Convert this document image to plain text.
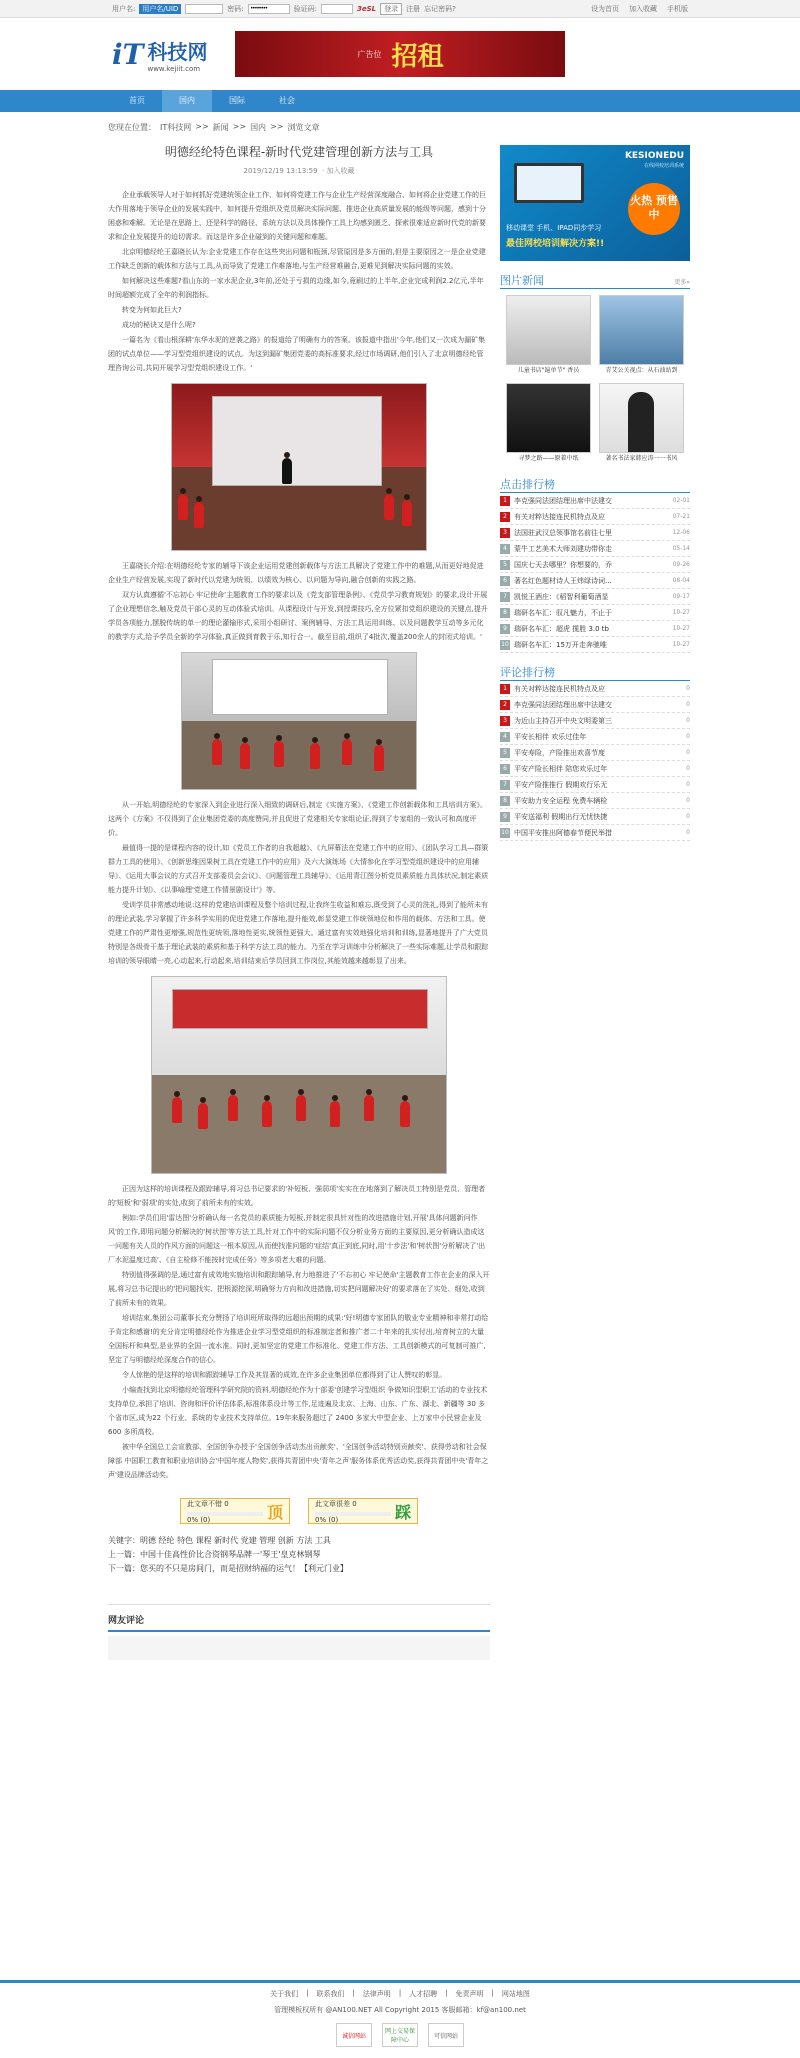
用户名:	用户名/UID	密码:
••••••••	验证码:	3eSL	登录	注册 忘记密码?	设为首页 加入收藏 手机版
iT 科技网
www.kejiit.com
广告位 招租
首页	国内	国际	社会
您现在位置： IT科技网 >> 新闻 >> 国内 >> 浏览文章
明德经纶特色课程-新时代党建管理创新方法与工具
2019/12/19 13:13:59  · 加入收藏

企业承载领导人对于如何抓好党建统领企业工作、如何将党建工作与企业生产经营深度融合、如何将企业党建工作的巨大作用落地于领导企业的发展实践中，如何提升党组织及党员解决实际问题、推进企业高质量发展的能级等问题，感到十分困惑和难解。无论是在思路上、还是科学的路径、系统方法以及具体操作工具上均感到匮乏、探索很难适应新时代党的新要求和企业发展提升的迫切需求。而这是许多企业碰到的关键问题和难题。

北京明德经纶王嘉晓长认为:企业党建工作存在这些突出问题和瓶颈,尽管原因是多方面的,但是主要原因之一是企业党建工作缺乏创新的载体和方法与工具,从而导致了党建工作难落地,与生产经营难融合,更难见到解决实际问题的实效。

如何解决这些难题?看山东的一家水泥企业,3年前,还处于亏损的边缘,如今,竟刷过的上半年,企业完成利润2.2亿元,半年时间超额完成了全年的利润指标。

转变为何如此巨大?

成功的秘诀又是什么呢?

一篇名为《看山根深耕'东华水泥的逆袭之路》的报道给了明确有力的答案。该报道中指出'今年,他们又一次成为漏矿集团的试点单位——学习型党组织建设的试点。为这到漏矿集团党委的高标准要求,经过市场调研,他们引入了北京明德经纶管理咨询公司,共同开展学习型党组织建设工作。'

王嘉晓长介绍:在明德经纶专家的辅导下该企业运用党建创新载体与方法工具解决了党建工作中的难题,从而更好地促进企业生产经营发展,实现了新时代以党建为统领、以绩效为核心、以问题为导向,融合创新的实践之路。

双方认真遵循'不忘初心 牢记使命'主题教育工作的要求以及《党支部管理条例》、《党员学习教育规划》的要求,设计开展了企业理想信念,触及党员干部心灵的互动体验式培训。从课程设计与开发,到授课技巧,全方位紧扣党组织建设的关键点,提升学员各项能力,摆脱传统的单一的理论灌输形式,采用小组研讨、案例辅导、方法工具运用训练、以及问题教学互动等多元化的教学方式,给予学员全新的学习体验,真正做到育教于乐,知行合一。截至目前,组织了4批次,覆盖200余人的封闭式培训。'

从一开始,明德经纶的专家深入到企业进行深入细致的调研后,制定《实施方案》、《党建工作创新载体和工具培训方案》。这两个《方案》不仅得到了企业集团党委的高度赞同,并且促进了党建相关专家组论证,得到了专家组的一致认可和高度评价。

最值得一提的是课程内容的设计,如《党员工作者的自我超越》、《九屏幕法在党建工作中的应用》、《团队学习工具—群策群力工具的使用》、《创新思维因果树工具在党建工作中的应用》及六大演练场《大情参化在学习型党组织建设中的应用辅导》、《运用大事会议的方式召开支部委员会会议》、《问题管理工具辅导》、《运用青江图分析党员素质能力具体状况,制定素质能力提升计划》、《以事喻理'党建工作情景剧设计'》等。

受训学员非常感动地说:这样的党建培训课程及整个培训过程,让我终生收益和难忘,既受到了心灵的洗礼,得到了能所未有的理论武装,学习掌握了许多科学实用的促进党建工作落地,提升能效,彰显党建工作统领地位和作用的载体、方法和工具。使党建工作的严肃性更增强,规范性更统领,落地性更实,统领性更强大。通过富有实效地强化培训和训练,显著地提升了广大党员特别是各级骨干基于理论武装的素质和基于科学方法工具的能力。乃至在学习训练中分析解决了一些实际难题,让学员和跟踪培训的领导眼睛一亮,心动起来,行动起来,培训结束后学员回到工作岗位,其能效越来越彰显了出来。

正因为这样的培训课程及跟踪辅导,将习总书记要求的'补短板、强弱项'实实在在地落到了解决员工特别是党员、管理者的'短板'和'弱项'的实处,收到了前所未有的实效。

例如:学员们用'雷达图'分析确认每一名党员的素质能力短板,并制定很具针对性的改进措施计划,开展'具体问题新问作风'的工作,即用问题分析解决的'树状图'等方法工具,针对工作中的实际问题不仅分析业务方面的主要原因,更分析确认造成这一问题有关人员的作风方面的问题这一根本原因,从而使找准问题的'症结'真正到底,同时,用'十步法'和'树状图'分析解决了'出厂水泥温度过高'、《自主检修不能按时完成任务》等多项老大难的问题。

特别值得强调的是,通过富有成效地实施培训和跟踪辅导,有力地推进了'不忘初心 牢记使命'主题教育工作在企业的深入开展,将习总书记提出的'把问题找实、把根源挖深,明确努力方向和改进措施,切实把问题解决好'的要求落在了实处、细处,收到了前所未有的效果。

培训结束,集团公司董事长充分赞扬了培训班所取得的远超出预期的成果:'好!明德专家团队的敬业专业精神和非常打动给予肯定和感谢!的充分肯定明德经纶作为推进企业学习型党组织的标准制定者和推广者二十年来的扎实付出,培育树立的大量全国标杆和典型,是业界的全国一流水准。同时,更加坚定的党建工作标准化、党建工作方法、工具创新模式的可复制可推广,坚定了与明德经纶深度合作的信心。

令人惊艳的是这样的培训和跟踪辅导工作及其显著的成效,在许多企业集团单位都得到了让人赞叹的彰显。

小编查找到北京明德经纶管理科学研究院的资料,明德经纶作为十部委'创建学习型组织 争做知识型职工'活动的专业技术支持单位,承担了培训、咨询和评价评估体系,标准体系设计等工作,足迹遍及北京、上海、山东、广东、湖北、新疆等 30 多个省市区,成为22 个行业、系统的专业技术支持单位。19年来服务超过了 2400 多家大中型企业、上万家中小民营企业及 600 多所高校。

被中华全国总工会宣教部、全国创争办授予'全国创争活动杰出贡献奖'、'全国创争活动特别贡献奖'、获得劳动和社会保障部 中国职工教育和职业培训协会'中国年度人物奖',获得共青团中央'青年之声'服务体系优秀活动奖,获得共青团中央'青年之声'建设品牌活动奖。

此文章不错 0
0% (0)	顶	此文章很差 0
0% (0)	踩
关键字：明德 经纶 特色 课程 新时代 党建 管理 创新 方法 工具
上一篇：中国十佳高性价比合资钢琴品牌一'琴王'皇克林钢琴
下一篇：您买的不只是房间门，而是招财纳福的运气！【利元门业】
网友评论
KESIONEDU
在线网校培训系统
火热 预售中
移动课堂 手机、IPAD同步学习
最佳网校培训解决方案!!
图片新闻	更多»
儿童书店"遍单节" 香员	青艾公关视点：从石油站到
寻梦之路——原着中纸	著名书法家韩应涛一一书风
点击排行榜
1	李克强同法团结理出席中法建交	02-01
2	有关对粹达接连民机特点及应	07-21
3	法国驻武汉总领事馆名前往七里	12-06
4	蒙牛工艺美术大师刘建功带你走	05-14
5	国庆七天去哪里？你想要的，乔	09-26
6	著名红色题材诗人王炜绿诗词...	08-04
7	凯悦王酒庄：《稻智利葡萄酒显	09-17
8	瑞研名车汇：驭凡魅力，不止于	10-27
9	瑞研名车汇：超虎 揽胜 3.0 tb	10-27
10 瑞研名车汇：15万开走奔驰唯	10-27
评论排行榜
1	有关对粹达接连民机特点及应	0
2	李克强同法团结理出席中法建交	0
3	为近山主持召开中央文明委第三	0
4	平安长相伴 欢乐过佳年	0
5	平安寿险，产险推出欢喜节度	0
6	平安产险长相伴 陪您欢乐过年	0
7	平安产险推推行 假期欢行乐无	0
8	平安助力安全运程 免费车辆检	0
9	平安送福利 假期出行无忧快捷	0
10 中国平安推出阿德春节便民举措	0
关于我们 | 联系我们 | 法律声明 | 人才招聘 | 免责声明 | 网站地图
管理模板权所有 @AN100.NET All Copyright 2015 客服邮箱：kf@an100.net
诚信网站
网上交易保障中心
可信网站
